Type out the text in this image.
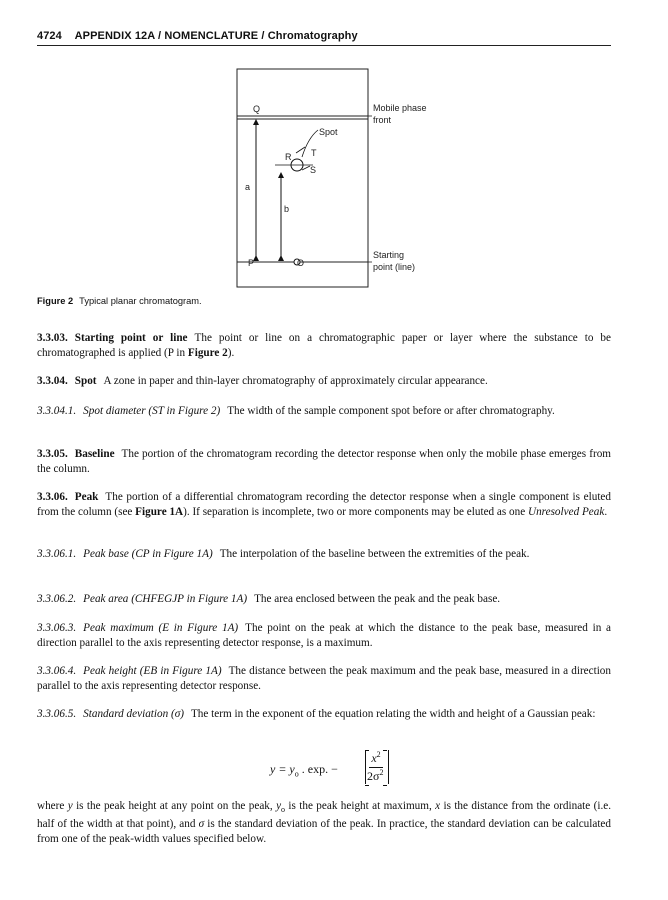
4724 APPENDIX 12A / NOMENCLATURE / Chromatography
Q
R T
S
P	O
a
b
Spot
Mobile phase
front
Starting
point (line)
Figure 2 Typical planar chromatogram.
3.3.03. Starting point or line The point or line on a chromatographic paper or layer where the substance to be chromatographed is applied (P in Figure 2).
3.3.04. Spot A zone in paper and thin-layer chromatography of approximately circular appearance.
3.3.04.1. Spot diameter (ST in Figure 2) The width of the sample component spot before or after chromatography.
3.3.05. Baseline The portion of the chromatogram recording the detector response when only the mobile phase emerges from the column.
3.3.06. Peak The portion of a differential chromatogram recording the detector response when a single component is eluted from the column (see Figure 1A). If separation is incomplete, two or more components may be eluted as one Unresolved Peak.
3.3.06.1. Peak base (CP in Figure 1A) The interpolation of the baseline between the extremities of the peak.
3.3.06.2. Peak area (CHFEGJP in Figure 1A) The area enclosed between the peak and the peak base.
3.3.06.3. Peak maximum (E in Figure 1A) The point on the peak at which the distance to the peak base, measured in a direction parallel to the axis representing detector response, is a maximum.
3.3.06.4. Peak height (EB in Figure 1A) The distance between the peak maximum and the peak base, measured in a direction parallel to the axis representing detector response.
3.3.06.5. Standard deviation (σ) The term in the exponent of the equation relating the width and height of a Gaussian peak:
$y = y_o$ . exp. −
$x^2$
$2\sigma^2$
where y is the peak height at any point on the peak, $y_o$ is the peak height at maximum, x is the distance from the ordinate (i.e. half of the width at that point), and σ is the standard deviation of the peak. In practice, the standard deviation can be calculated from one of the peak-width values specified below.
